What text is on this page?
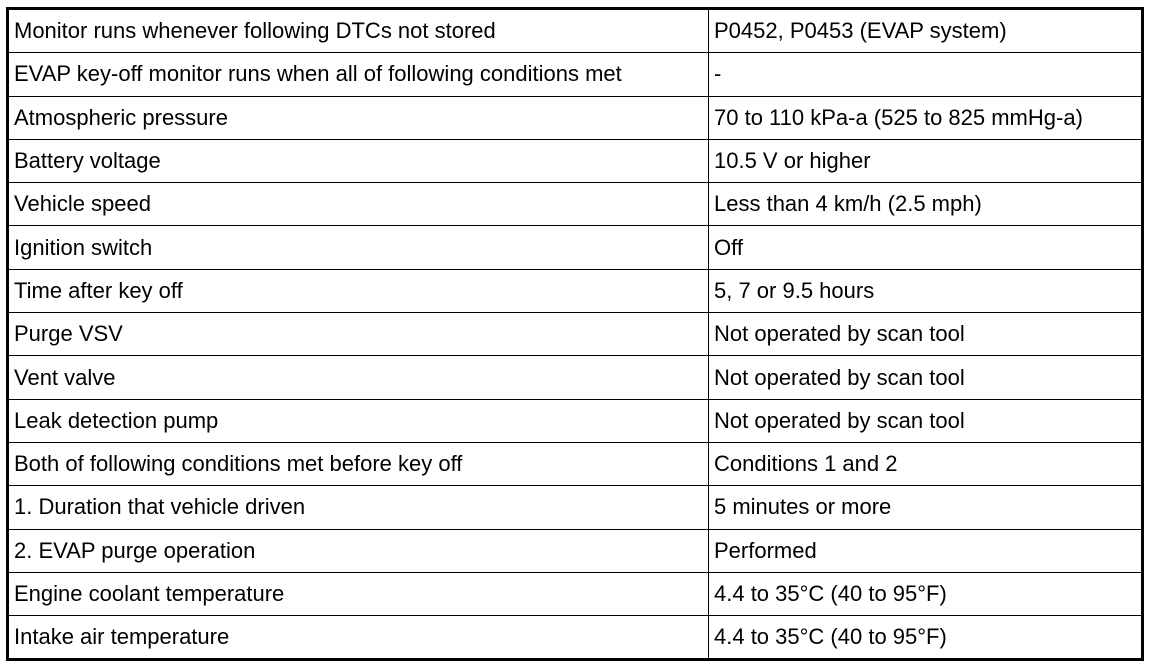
Monitor runs whenever following DTCs not stored	P0452, P0453 (EVAP system)
EVAP key-off monitor runs when all of following conditions met	-
Atmospheric pressure	70 to 110 kPa-a (525 to 825 mmHg-a)
Battery voltage	10.5 V or higher
Vehicle speed	Less than 4 km/h (2.5 mph)
Ignition switch	Off
Time after key off	5, 7 or 9.5 hours
Purge VSV	Not operated by scan tool
Vent valve	Not operated by scan tool
Leak detection pump	Not operated by scan tool
Both of following conditions met before key off	Conditions 1 and 2
1. Duration that vehicle driven	5 minutes or more
2. EVAP purge operation	Performed
Engine coolant temperature	4.4 to 35°C (40 to 95°F)
Intake air temperature	4.4 to 35°C (40 to 95°F)
